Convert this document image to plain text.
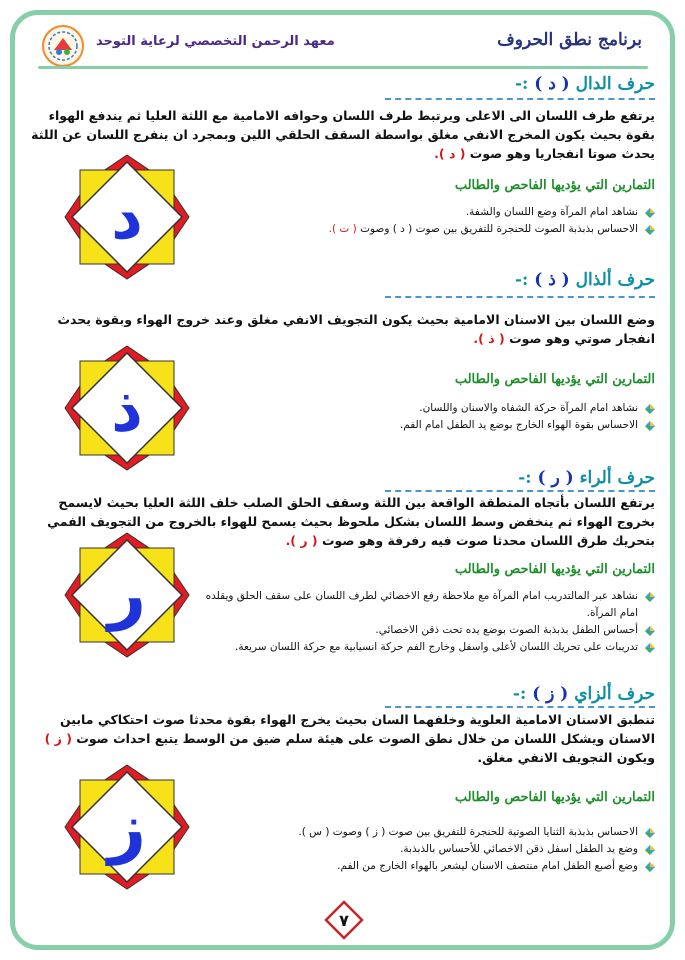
معهد الرحمن التخصصي لرعاية التوحد	برنامج نطق الحروف
حرف الدال ( د ) :-
يرتفع طرف اللسان الى الاعلى ويرتبط طرف اللسان وحوافه الامامية مع اللثة العليا ثم يندفع الهواء بقوة بحيث يكون المخرج الانفي مغلق بواسطة السقف الحلقي اللين وبمجرد ان ينفرج اللسان عن اللثة يحدث صوتا انفجاريا وهو صوت ( د ).
التمارين التي يؤديها الفاحص والطالب
نشاهد امام المرآة وضع اللسان والشفة.
الاحساس بذبذبة الصوت للحنجرة للتفريق بين صوت ( د ) وصوت ( ت ).
د
حرف ألذال ( ذ ) :-
وضع اللسان بين الاسنان الامامية بحيث يكون التجويف الانفي مغلق وعند خروج الهواء وبقوة يحدث انفجار صوتي وهو صوت ( ذ ).
التمارين التي يؤديها الفاحص والطالب
نشاهد امام المرآة حركة الشفاه والاسنان واللسان.
الاحساس بقوة الهواء الخارج بوضع يد الطفل امام الفم.
ذ
حرف ألراء ( ر ) :-
يرتفع اللسان بأتجاه المنطقة الواقعة بين اللثة وسقف الحلق الصلب خلف اللثة العليا بحيث لايسمح بخروج الهواء ثم ينخفض وسط اللسان بشكل ملحوظ بحيث يسمح للهواء بالخروج من التجويف الفمي بتحريك طرق اللسان محدثا صوت فيه رفرفة وهو صوت ( ر ).
التمارين التي يؤديها الفاحص والطالب
نشاهد عبر المالتدريب امام المرآة مع ملاحظة رفع الاخصائي لطرف اللسان على سقف الحلق ويقلده امام المرآة.
أحساس الطفل بذبذبة الصوت بوضع يده تحت ذقن الاخصائي.
تدريبات على تحريك اللسان لأعلى واسفل وخارج الفم حركة انسيابية مع حركة اللسان سريعة.
ر
حرف ألزاي ( ز ) :-
تنطبق الاسنان الامامية العلوية وخلفهما السان بحيث يخرج الهواء بقوة محدثا صوت احتكاكي مابين الاسنان ويشكل اللسان من خلال نطق الصوت على هيئة سلم ضيق من الوسط يتبع احداث صوت ( ز ) ويكون التجويف الانفي مغلق.
التمارين التي يؤديها الفاحص والطالب
الاحساس بذبذبة الثنايا الصوتية للحنجرة للتفريق بين صوت ( ز ) وصوت ( س ).
وضع يد الطفل اسفل ذقن الاخصائي للأحساس بالذبذبة.
وضع أصبع الطفل امام منتصف الاسنان ليشعر بالهواء الخارج من الفم.
ز
٧
